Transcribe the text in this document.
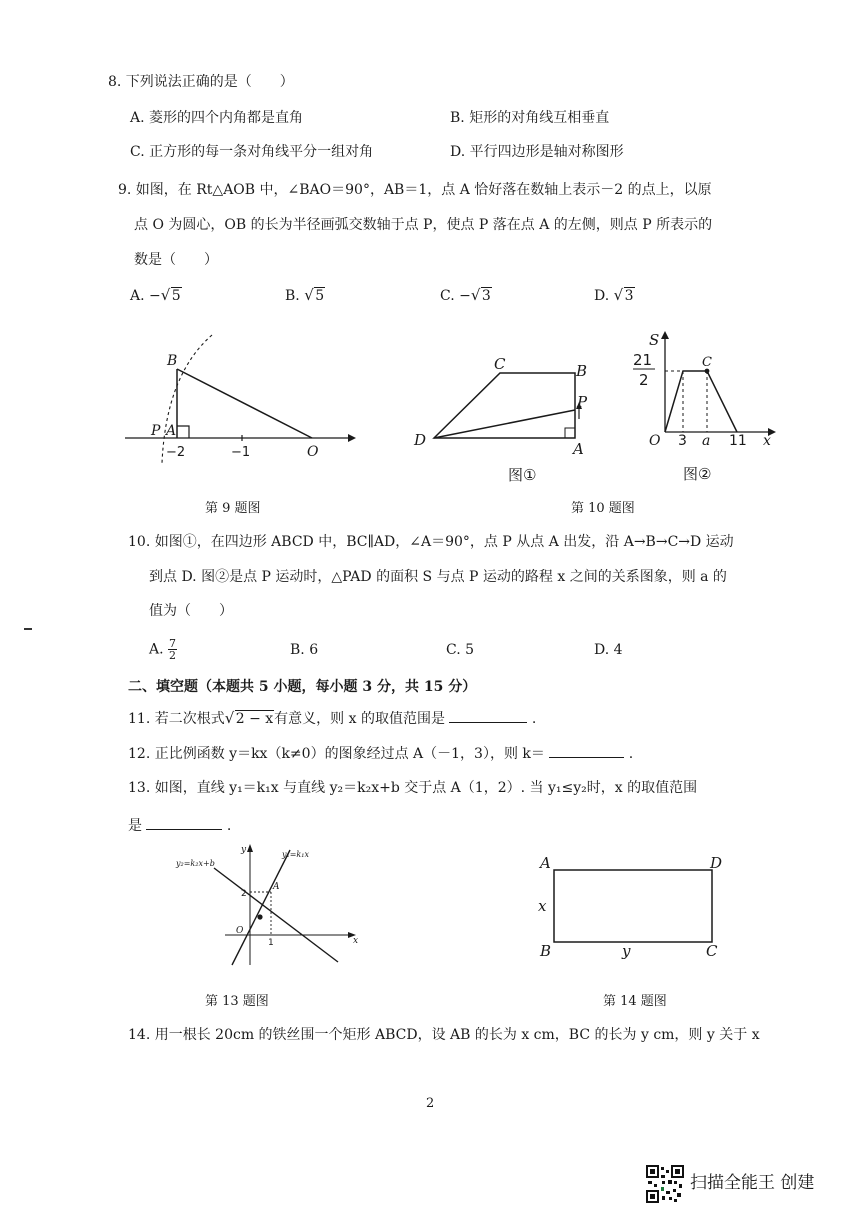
8. 下列说法正确的是（　　）
A. 菱形的四个内角都是直角	B. 矩形的对角线互相垂直
C. 正方形的每一条对角线平分一组对角	D. 平行四边形是轴对称图形
9. 如图，在 Rt△AOB 中，∠BAO＝90°，AB＝1，点 A 恰好落在数轴上表示－2 的点上，以原
点 O 为圆心，OB 的长为半径画弧交数轴于点 P，使点 P 落在点 A 的左侧，则点 P 所表示的
数是（　　）
A. − √ 5	B. √ 5	C. − √ 3	D. √ 3
B
P A
O
−2	−1
第 9 题图
C	B
P
D	A
图①
S
21
2
C
O 3 a 11 x
图②
第 10 题图
10. 如图①，在四边形 ABCD 中，BC∥AD，∠A＝90°，点 P 从点 A 出发，沿 A→B→C→D 运动
到点 D. 图②是点 P 运动时，△PAD 的面积 S 与点 P 运动的路程 x 之间的关系图象，则 a 的
值为（　　）
A. $\frac{7}{2}$	B. 6	C. 5	D. 4
二、填空题（本题共 5 小题，每小题 3 分，共 15 分）
11. 若二次根式 √ 2 − x有意义，则 x 的取值范围是	.
12. 正比例函数 y＝kx（k≠0）的图象经过点 A（－1，3），则 k＝	.
13. 如图，直线 y₁＝k₁x 与直线 y₂＝k₂x+b 交于点 A（1，2）. 当 y₁≤y₂时，x 的取值范围
是	.
y₂=k₂x+b
y₁=k₁x
y
x
2
A
O
1
第 13 题图
A	D
B	C
x
y
第 14 题图
14. 用一根长 20cm 的铁丝围一个矩形 ABCD，设 AB 的长为 x cm，BC 的长为 y cm，则 y 关于 x
2
扫描全能王 创建
